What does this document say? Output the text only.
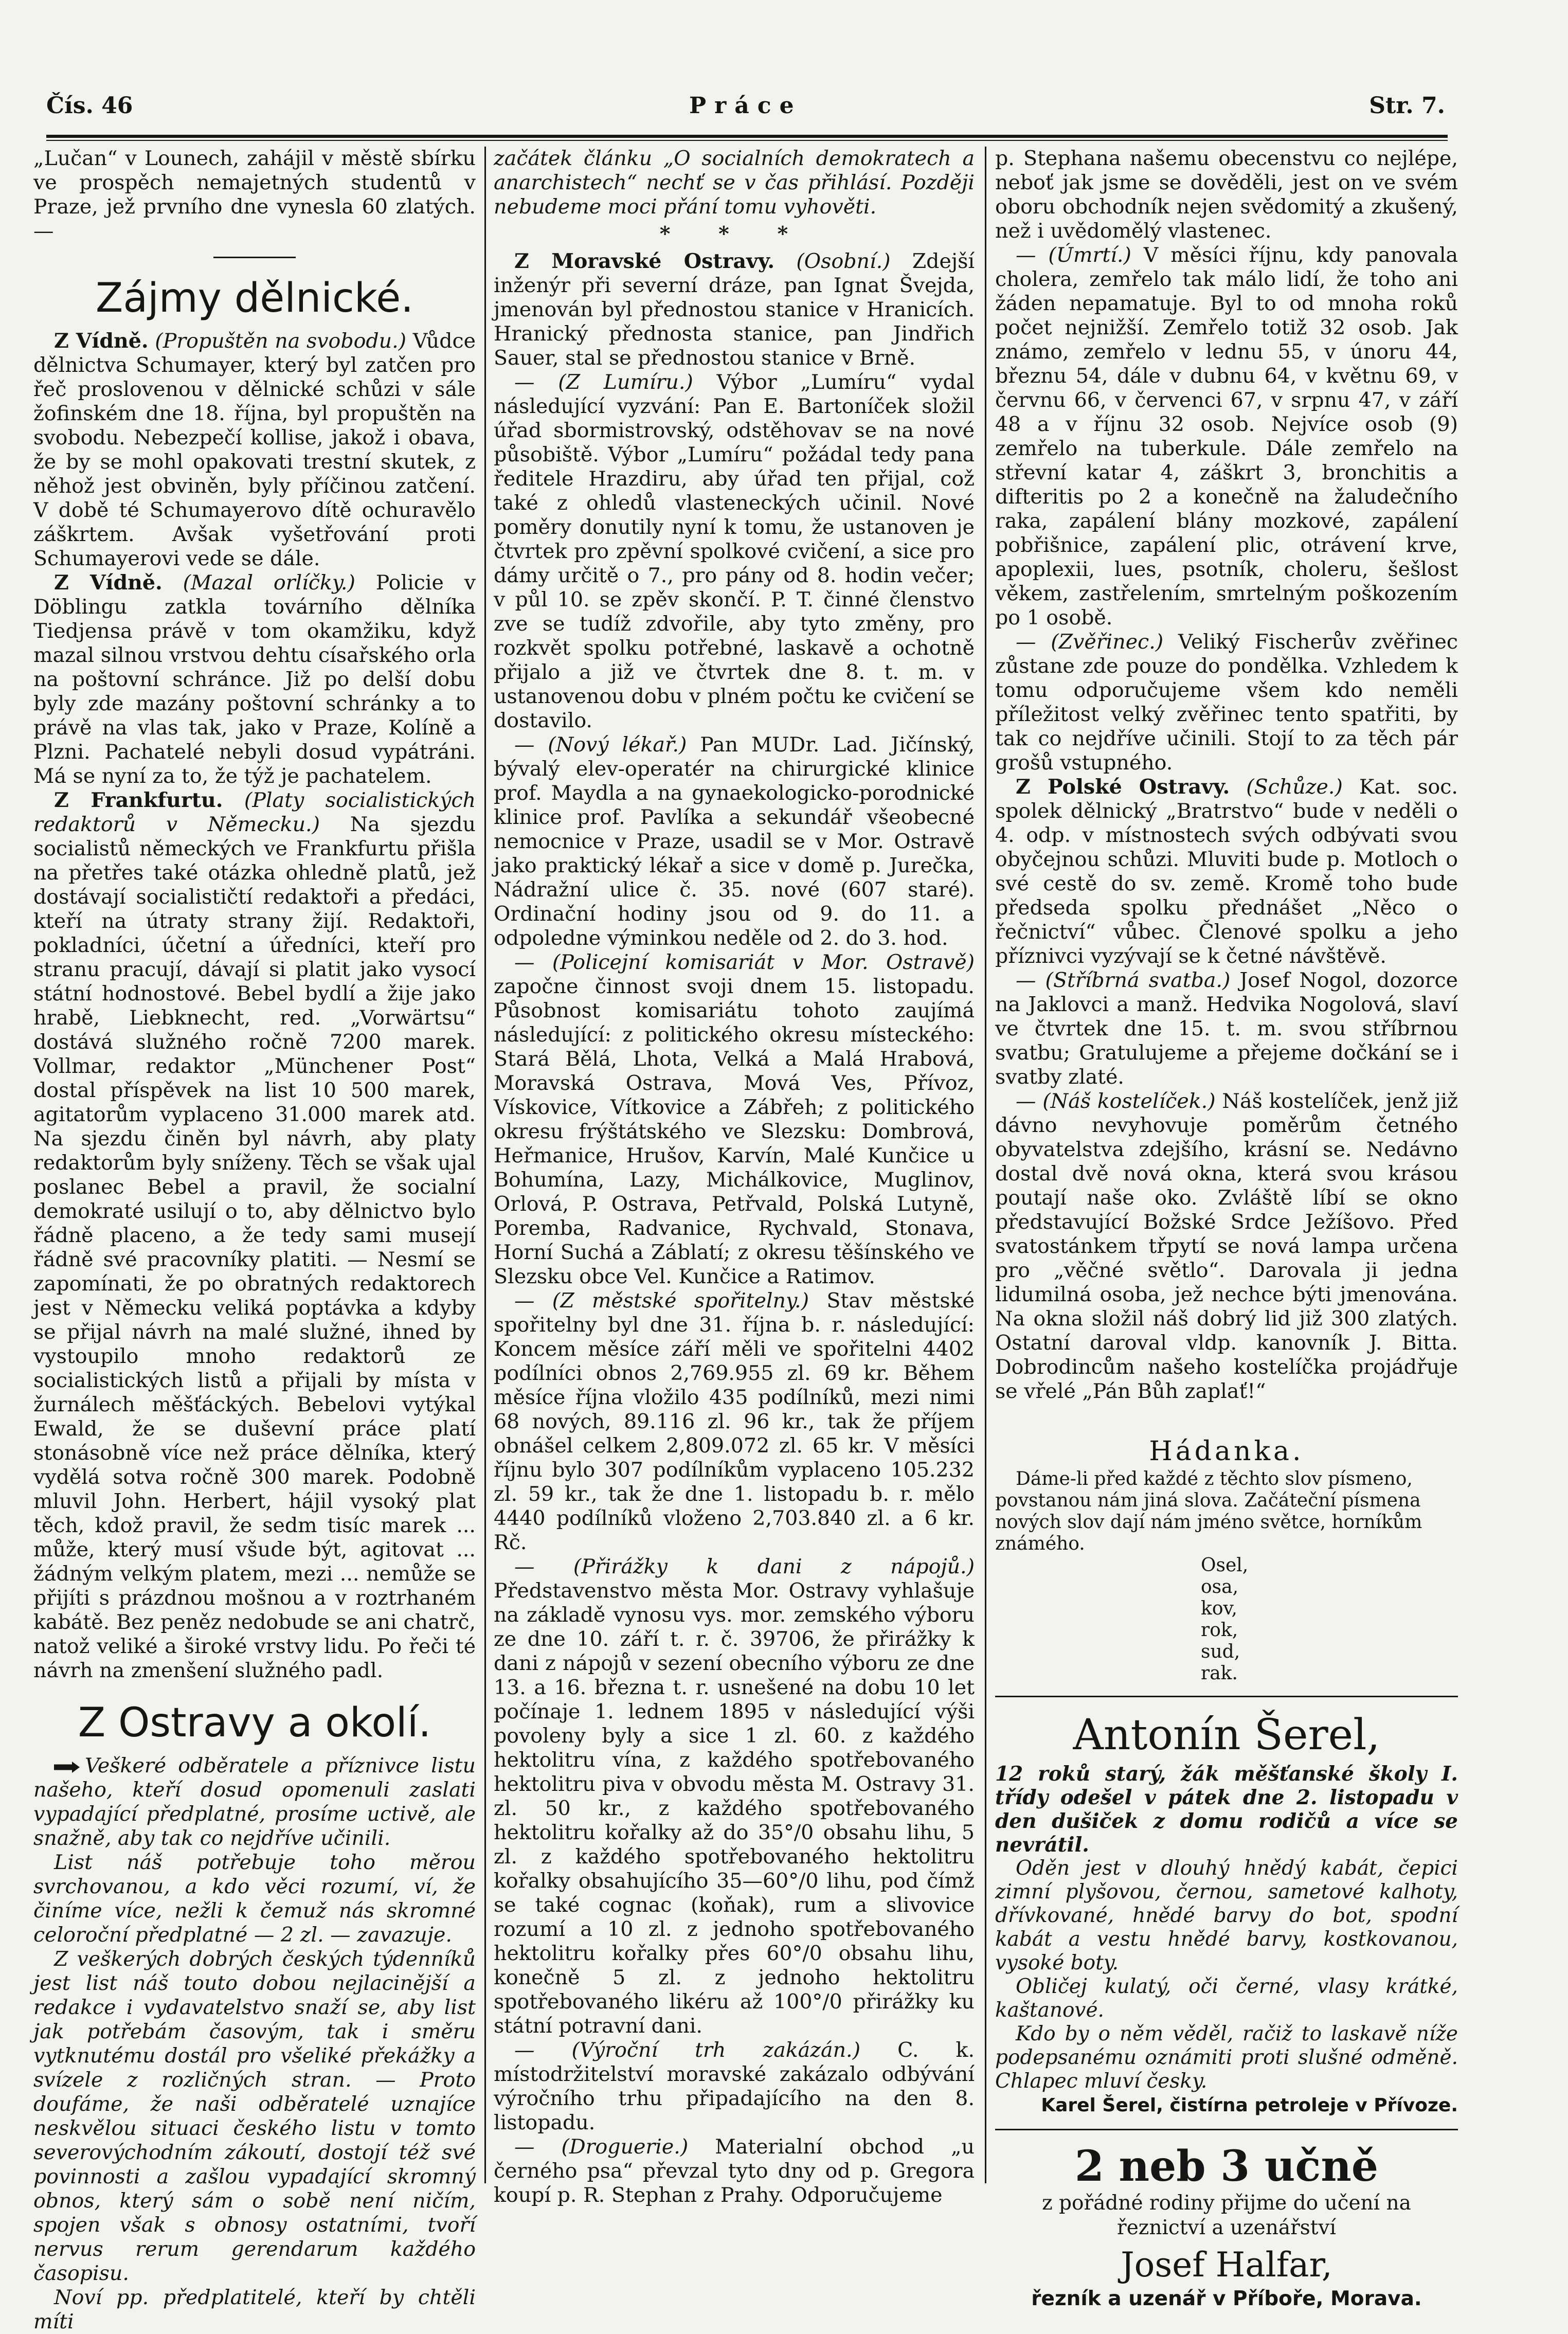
Čís. 46	Práce	Str. 7.

„Lučan“ v Lounech, zahájil v městě sbírku ve prospěch nemajetných studentů v Praze, jež prvního dne vynesla 60 zlatých. —

Zájmy dělnické.

Z Vídně. (Propuštěn na svobodu.) Vůdce dělnictva Schumayer, který byl zatčen pro řeč proslovenou v dělnické schůzi v sále žofinském dne 18. října, byl propuštěn na svobodu. Nebezpečí kollise, jakož i obava, že by se mohl opakovati trestní skutek, z něhož jest obviněn, byly příčinou zatčení. V době té Schumayerovo dítě ochuravělo záškrtem. Avšak vyšetřování proti Schumayerovi vede se dále.

Z Vídně. (Mazal orlíčky.) Policie v Döblingu zatkla továrního dělníka Tiedjensa právě v tom okamžiku, když mazal silnou vrstvou dehtu císařského orla na poštovní schránce. Již po delší dobu byly zde mazány poštovní schránky a to právě na vlas tak, jako v Praze, Kolíně a Plzni. Pachatelé nebyli dosud vypátráni. Má se nyní za to, že týž je pachatelem.

Z Frankfurtu. (Platy socialistických redaktorů v Německu.) Na sjezdu socialistů německých ve Frankfurtu přišla na přetřes také otázka ohledně platů, jež dostávají socialističtí redaktoři a předáci, kteří na útraty strany žijí. Redaktoři, pokladníci, účetní a úředníci, kteří pro stranu pracují, dávají si platit jako vysocí státní hodnostové. Bebel bydlí a žije jako hrabě, Liebknecht, red. „Vorwärtsu“ dostává služného ročně 7200 marek. Vollmar, redaktor „Münchener Post“ dostal příspěvek na list 10 500 marek, agitatorům vyplaceno 31.000 marek atd. Na sjezdu činěn byl návrh, aby platy redaktorům byly sníženy. Těch se však ujal poslanec Bebel a pravil, že socialní demokraté usilují o to, aby dělnictvo bylo řádně placeno, a že tedy sami musejí řádně své pracovníky platiti. — Nesmí se zapomínati, že po obratných redaktorech jest v Německu veliká poptávka a kdyby se přijal návrh na malé služné, ihned by vystoupilo mnoho redaktorů ze socialistických listů a přijali by místa v žurnálech měšťáckých. Bebelovi vytýkal Ewald, že se duševní práce platí stonásobně více než práce dělníka, který vydělá sotva ročně 300 marek. Podobně mluvil John. Herbert, hájil vysoký plat těch, kdož pravil, že sedm tisíc marek ... může, který musí všude být, agitovat ... žádným velkým platem, mezi ... nemůže se přijíti s prázdnou mošnou a v roztrhaném kabátě. Bez peněz nedobude se ani chatrč, natož veliké a široké vrstvy lidu. Po řeči té návrh na zmenšení služného padl.

Z Ostravy a okolí.

Veškeré odběratele a příznivce listu našeho, kteří dosud opomenuli zaslati vypadající předplatné, prosíme uctivě, ale snažně, aby tak co nejdříve učinili.

List náš potřebuje toho měrou svrchovanou, a kdo věci rozumí, ví, že činíme více, nežli k čemuž nás skromné celoroční předplatné — 2 zl. — zavazuje.

Z veškerých dobrých českých týdenníků jest list náš touto dobou nejlacinější a redakce i vydavatelstvo snaží se, aby list jak potřebám časovým, tak i směru vytknutému dostál pro všeliké překážky a svízele z rozličných stran. — Proto doufáme, že naši odběratelé uznajíce neskvělou situaci českého listu v tomto severovýchodním zákoutí, dostojí též své povinnosti a zašlou vypadající skromný obnos, který sám o sobě není ničím, spojen však s obnosy ostatními, tvoří nervus rerum gerendarum každého časopisu.

Noví pp. předplatitelé, kteří by chtěli míti

začátek článku „O socialních demokratech a anarchistech“ nechť se v čas přihlásí. Později nebudeme moci přání tomu vyhověti.

* * *

Z Moravské Ostravy. (Osobní.) Zdejší inženýr při severní dráze, pan Ignat Švejda, jmenován byl přednostou stanice v Hranicích. Hranický přednosta stanice, pan Jindřich Sauer, stal se přednostou stanice v Brně.

— (Z Lumíru.) Výbor „Lumíru“ vydal následující vyzvání: Pan E. Bartoníček složil úřad sbormistrovský, odstěhovav se na nové působiště. Výbor „Lumíru“ požádal tedy pana ředitele Hrazdiru, aby úřad ten přijal, což také z ohledů vlasteneckých učinil. Nové poměry donutily nyní k tomu, že ustanoven je čtvrtek pro zpěvní spolkové cvičení, a sice pro dámy určitě o 7., pro pány od 8. hodin večer; v půl 10. se zpěv skončí. P. T. činné členstvo zve se tudíž zdvořile, aby tyto změny, pro rozkvět spolku potřebné, laskavě a ochotně přijalo a již ve čtvrtek dne 8. t. m. v ustanovenou dobu v plném počtu ke cvičení se dostavilo.

— (Nový lékař.) Pan MUDr. Lad. Jičínský, bývalý elev-operatér na chirurgické klinice prof. Maydla a na gynaekologicko-porodnické klinice prof. Pavlíka a sekundář všeobecné nemocnice v Praze, usadil se v Mor. Ostravě jako praktický lékař a sice v domě p. Jurečka, Nádražní ulice č. 35. nové (607 staré). Ordinační hodiny jsou od 9. do 11. a odpoledne výminkou neděle od 2. do 3. hod.

— (Policejní komisariát v Mor. Ostravě) započne činnost svoji dnem 15. listopadu. Působnost komisariátu tohoto zaujímá následující: z politického okresu místeckého: Stará Bělá, Lhota, Velká a Malá Hrabová, Moravská Ostrava, Mová Ves, Přívoz, Vískovice, Vítkovice a Zábřeh; z politického okresu frýštátského ve Slezsku: Dombrová, Heřmanice, Hrušov, Karvín, Malé Kunčice u Bohumína, Lazy, Michálkovice, Muglinov, Orlová, P. Ostrava, Petřvald, Polská Lutyně, Poremba, Radvanice, Rychvald, Stonava, Horní Suchá a Záblatí; z okresu těšínského ve Slezsku obce Vel. Kunčice a Ratimov.

— (Z městské spořitelny.) Stav městské spořitelny byl dne 31. října b. r. následující: Koncem měsíce září měli ve spořitelni 4402 podílníci obnos 2,769.955 zl. 69 kr. Během měsíce října vložilo 435 podílníků, mezi nimi 68 nových, 89.116 zl. 96 kr., tak že příjem obnášel celkem 2,809.072 zl. 65 kr. V měsíci říjnu bylo 307 podílníkům vyplaceno 105.232 zl. 59 kr., tak že dne 1. listopadu b. r. mělo 4440 podílníků vloženo 2,703.840 zl. a 6 kr. Rč.

— (Přirážky k dani z nápojů.) Představenstvo města Mor. Ostravy vyhlašuje na základě vynosu vys. mor. zemského výboru ze dne 10. září t. r. č. 39706, že přirážky k dani z nápojů v sezení obecního výboru ze dne 13. a 16. března t. r. usnešené na dobu 10 let počínaje 1. lednem 1895 v následující výši povoleny byly a sice 1 zl. 60. z každého hektolitru vína, z každého spotřebovaného hektolitru piva v obvodu města M. Ostravy 31. zl. 50 kr., z každého spotřebovaného hektolitru kořalky až do 35°/0 obsahu lihu, 5 zl. z každého spotřebovaného hektolitru kořalky obsahujícího 35—60°/0 lihu, pod čímž se také cognac (koňak), rum a slivovice rozumí a 10 zl. z jednoho spotřebovaného hektolitru kořalky přes 60°/0 obsahu lihu, konečně 5 zl. z jednoho hektolitru spotřebovaného likéru až 100°/0 přirážky ku státní potravní dani.

— (Výroční trh zakázán.) C. k. místodržitelství moravské zakázalo odbývání výročního trhu připadajícího na den 8. listopadu.

— (Droguerie.) Materialní obchod „u černého psa“ převzal tyto dny od p. Gregora koupí p. R. Stephan z Prahy. Odporučujeme

p. Stephana našemu obecenstvu co nejlépe, neboť jak jsme se dověděli, jest on ve svém oboru obchodník nejen svědomitý a zkušený, než i uvědomělý vlastenec.

— (Úmrtí.) V měsíci říjnu, kdy panovala cholera, zemřelo tak málo lidí, že toho ani žáden nepamatuje. Byl to od mnoha roků počet nejnižší. Zemřelo totiž 32 osob. Jak známo, zemřelo v lednu 55, v únoru 44, březnu 54, dále v dubnu 64, v květnu 69, v červnu 66, v červenci 67, v srpnu 47, v září 48 a v říjnu 32 osob. Nejvíce osob (9) zemřelo na tuberkule. Dále zemřelo na střevní katar 4, záškrt 3, bronchitis a difteritis po 2 a konečně na žaludečního raka, zapálení blány mozkové, zapálení pobřišnice, zapálení plic, otrávení krve, apoplexii, lues, psotník, choleru, šešlost věkem, zastřelením, smrtelným poškozením po 1 osobě.

— (Zvěřinec.) Veliký Fischerův zvěřinec zůstane zde pouze do pondělka. Vzhledem k tomu odporučujeme všem kdo neměli příležitost velký zvěřinec tento spatřiti, by tak co nejdříve učinili. Stojí to za těch pár grošů vstupného.

Z Polské Ostravy. (Schůze.) Kat. soc. spolek dělnický „Bratrstvo“ bude v neděli o 4. odp. v místnostech svých odbývati svou obyčejnou schůzi. Mluviti bude p. Motloch o své cestě do sv. země. Kromě toho bude předseda spolku přednášet „Něco o řečnictví“ vůbec. Členové spolku a jeho příznivci vyzývají se k četné návštěvě.

— (Stříbrná svatba.) Josef Nogol, dozorce na Jaklovci a manž. Hedvika Nogolová, slaví ve čtvrtek dne 15. t. m. svou stříbrnou svatbu; Gratulujeme a přejeme dočkání se i svatby zlaté.

— (Náš kostelíček.) Náš kostelíček, jenž již dávno nevyhovuje poměrům četného obyvatelstva zdejšího, krásní se. Nedávno dostal dvě nová okna, která svou krásou poutají naše oko. Zvláště líbí se okno představující Božské Srdce Ježíšovo. Před svatostánkem třpytí se nová lampa určena pro „věčné světlo“. Darovala ji jedna lidumilná osoba, jež nechce býti jmenována. Na okna složil náš dobrý lid již 300 zlatých. Ostatní daroval vldp. kanovník J. Bitta. Dobrodincům našeho kostelíčka projádřuje se vřelé „Pán Bůh zaplať!“

Hádanka.

Dáme-li před každé z těchto slov písmeno, povstanou nám jiná slova. Začáteční písmena nových slov dají nám jméno světce, horníkům známého.

Osel,
osa,
kov,
rok,
sud,
rak.
Antonín Šerel,

12 roků starý, žák měšťanské školy I. třídy odešel v pátek dne 2. listopadu v den dušiček z domu rodičů a více se nevrátil.

Oděn jest v dlouhý hnědý kabát, čepici zimní plyšovou, černou, sametové kalhoty, dřívkované, hnědé barvy do bot, spodní kabát a vestu hnědé barvy, kostkovanou, vysoké boty.

Obličej kulatý, oči černé, vlasy krátké, kaštanové.

Kdo by o něm věděl, račiž to laskavě níže podepsanému oznámiti proti slušné odměně. Chlapec mluví česky.

Karel Šerel, čistírna petroleje v Přívoze.

2 neb 3 učně

z pořádné rodiny přijme do učení na řeznictví a uzenářství

Josef Halfar,

řezník a uzenář v Příboře, Morava.
